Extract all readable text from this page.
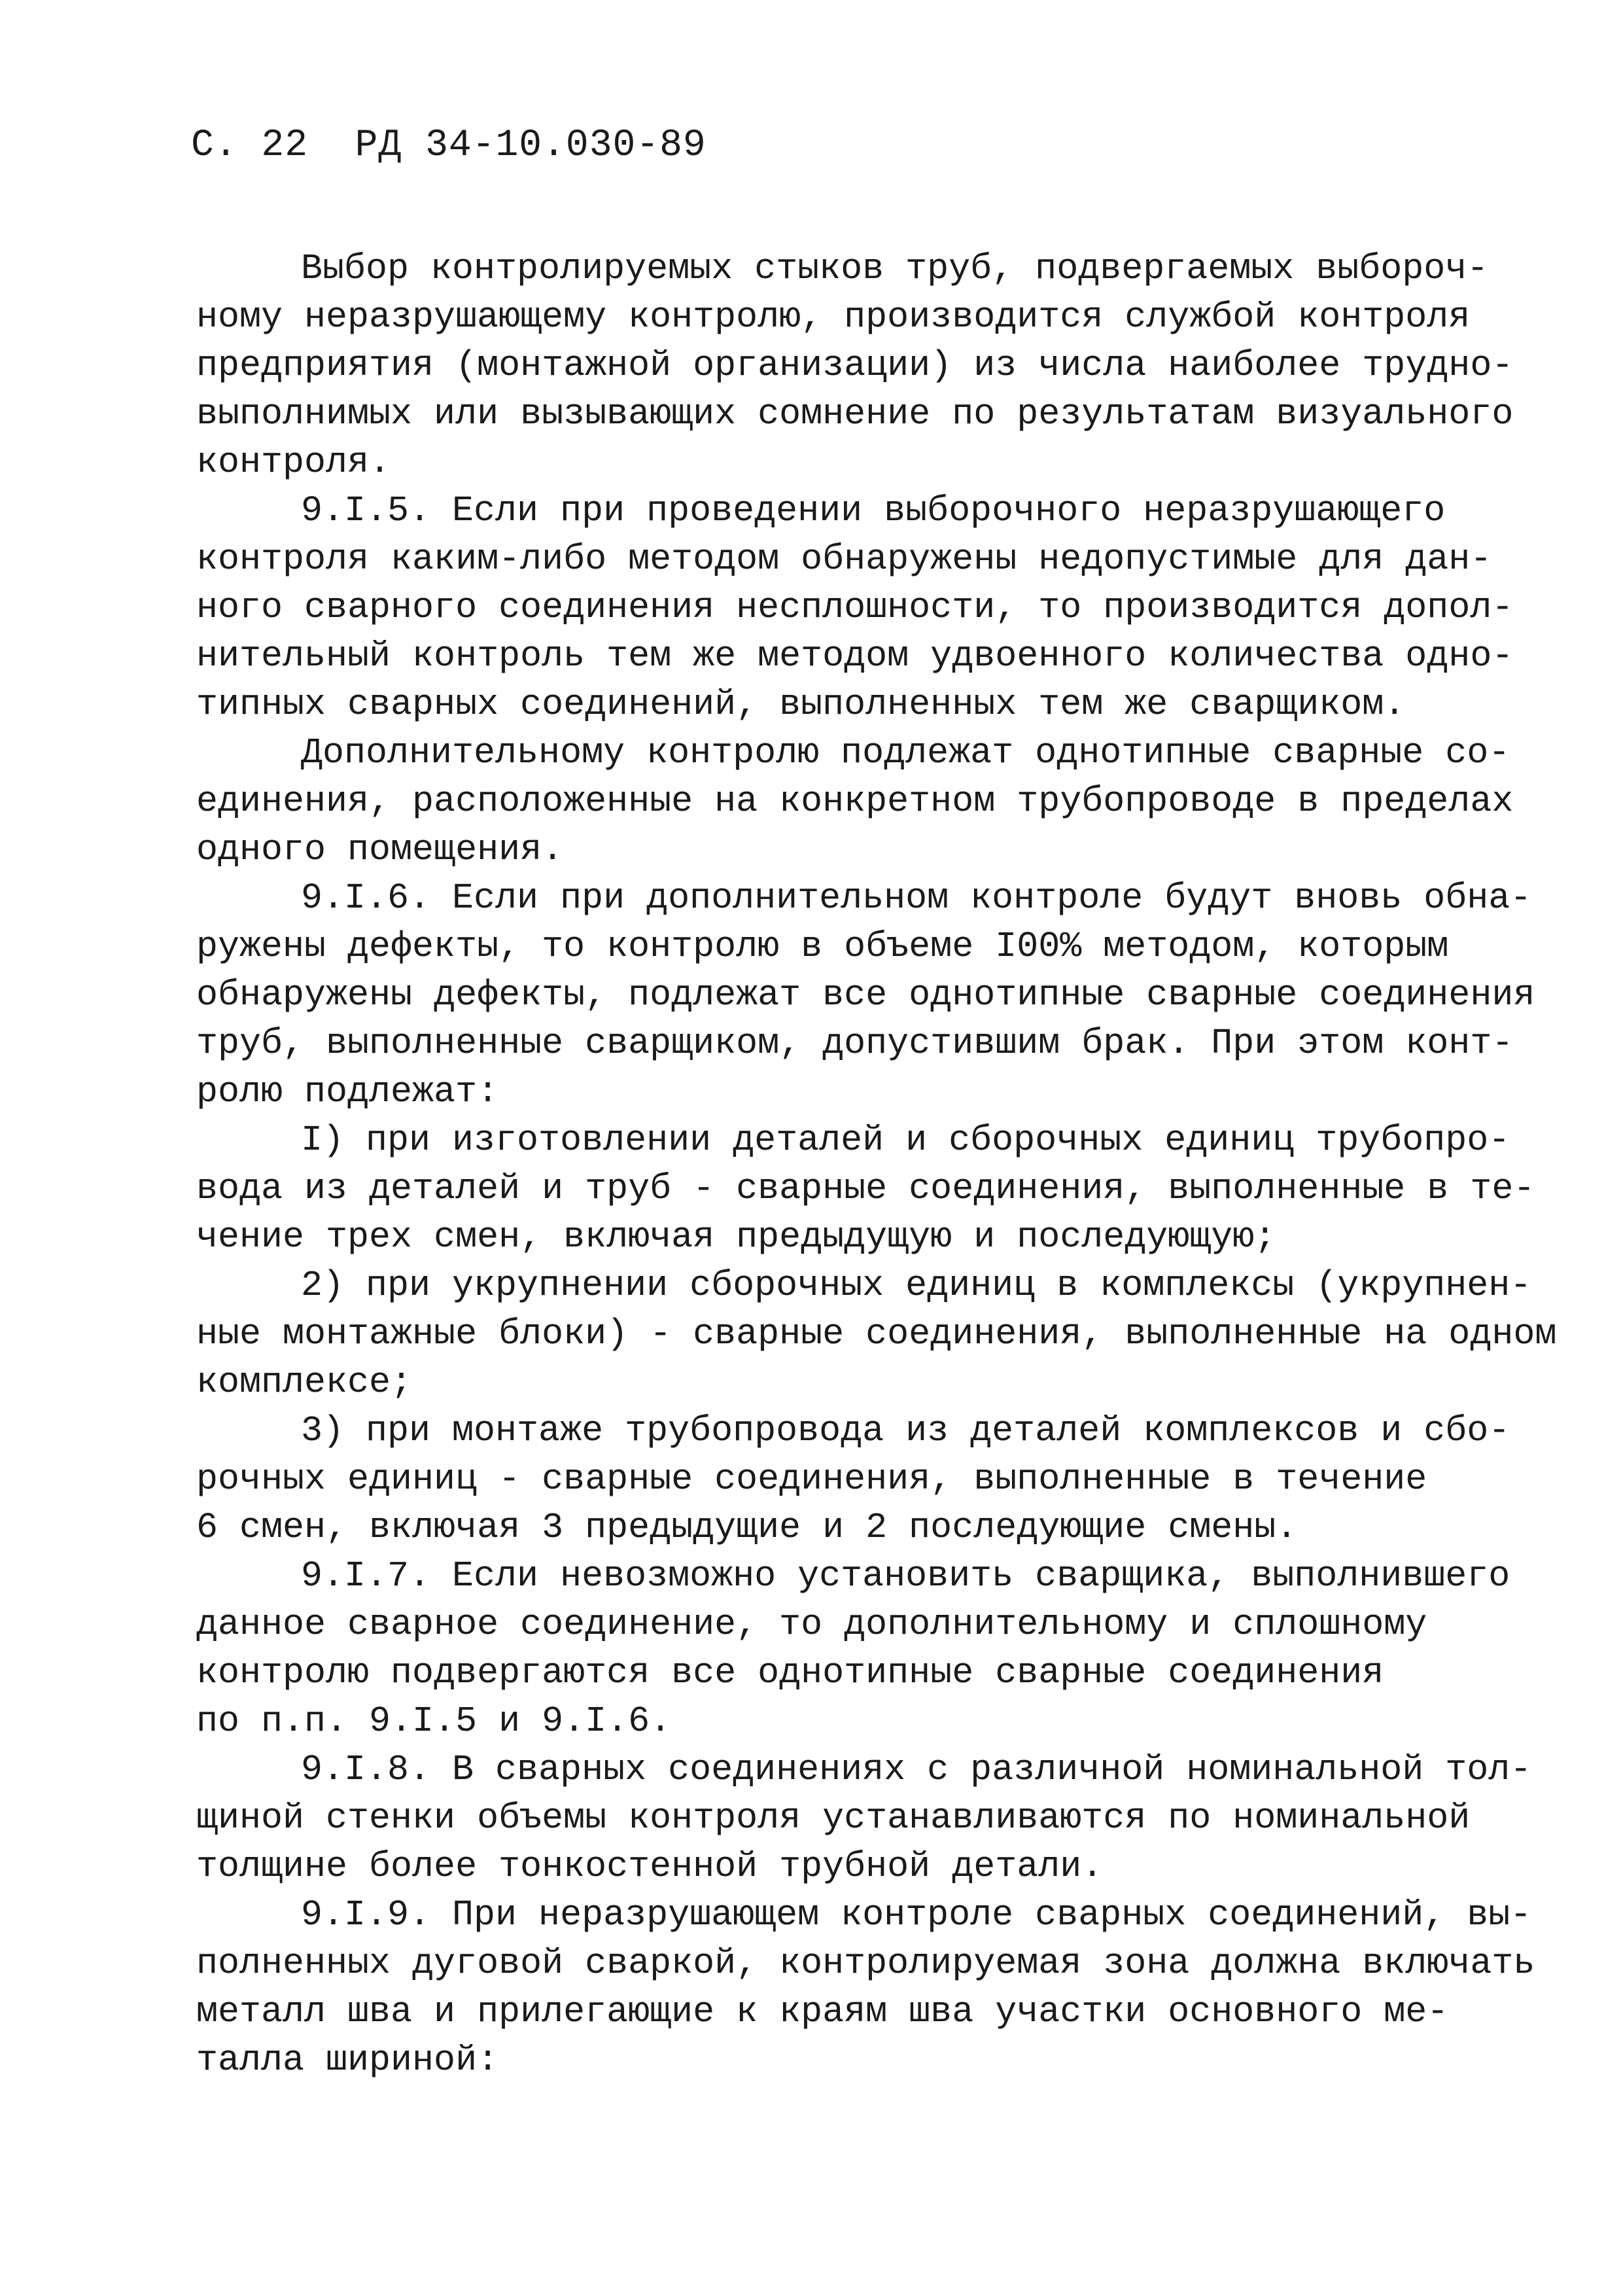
С. 22 РД 34-10.030-89
Выбор контролируемых стыков труб, подвергаемых выбороч-
ному неразрушающему контролю, производится службой контроля
предприятия (монтажной организации) из числа наиболее трудно-
выполнимых или вызывающих сомнение по результатам визуального
контроля.
9.I.5. Если при проведении выборочного неразрушающего
контроля каким-либо методом обнаружены недопустимые для дан-
ного сварного соединения несплошности, то производится допол-
нительный контроль тем же методом удвоенного количества одно-
типных сварных соединений, выполненных тем же сварщиком.
Дополнительному контролю подлежат однотипные сварные со-
единения, расположенные на конкретном трубопроводе в пределах
одного помещения.
9.I.6. Если при дополнительном контроле будут вновь обна-
ружены дефекты, то контролю в объеме I00% методом, которым
обнаружены дефекты, подлежат все однотипные сварные соединения
труб, выполненные сварщиком, допустившим брак. При этом конт-
ролю подлежат:
I) при изготовлении деталей и сборочных единиц трубопро-
вода из деталей и труб - сварные соединения, выполненные в те-
чение трех смен, включая предыдущую и последующую;
2) при укрупнении сборочных единиц в комплексы (укрупнен-
ные монтажные блоки) - сварные соединения, выполненные на одном
комплексе;
3) при монтаже трубопровода из деталей комплексов и сбо-
рочных единиц - сварные соединения, выполненные в течение
6 смен, включая 3 предыдущие и 2 последующие смены.
9.I.7. Если невозможно установить сварщика, выполнившего
данное сварное соединение, то дополнительному и сплошному
контролю подвергаются все однотипные сварные соединения
по п.п. 9.I.5 и 9.I.6.
9.I.8. В сварных соединениях с различной номинальной тол-
щиной стенки объемы контроля устанавливаются по номинальной
толщине более тонкостенной трубной детали.
9.I.9. При неразрушающем контроле сварных соединений, вы-
полненных дуговой сваркой, контролируемая зона должна включать
металл шва и прилегающие к краям шва участки основного ме-
талла шириной:
